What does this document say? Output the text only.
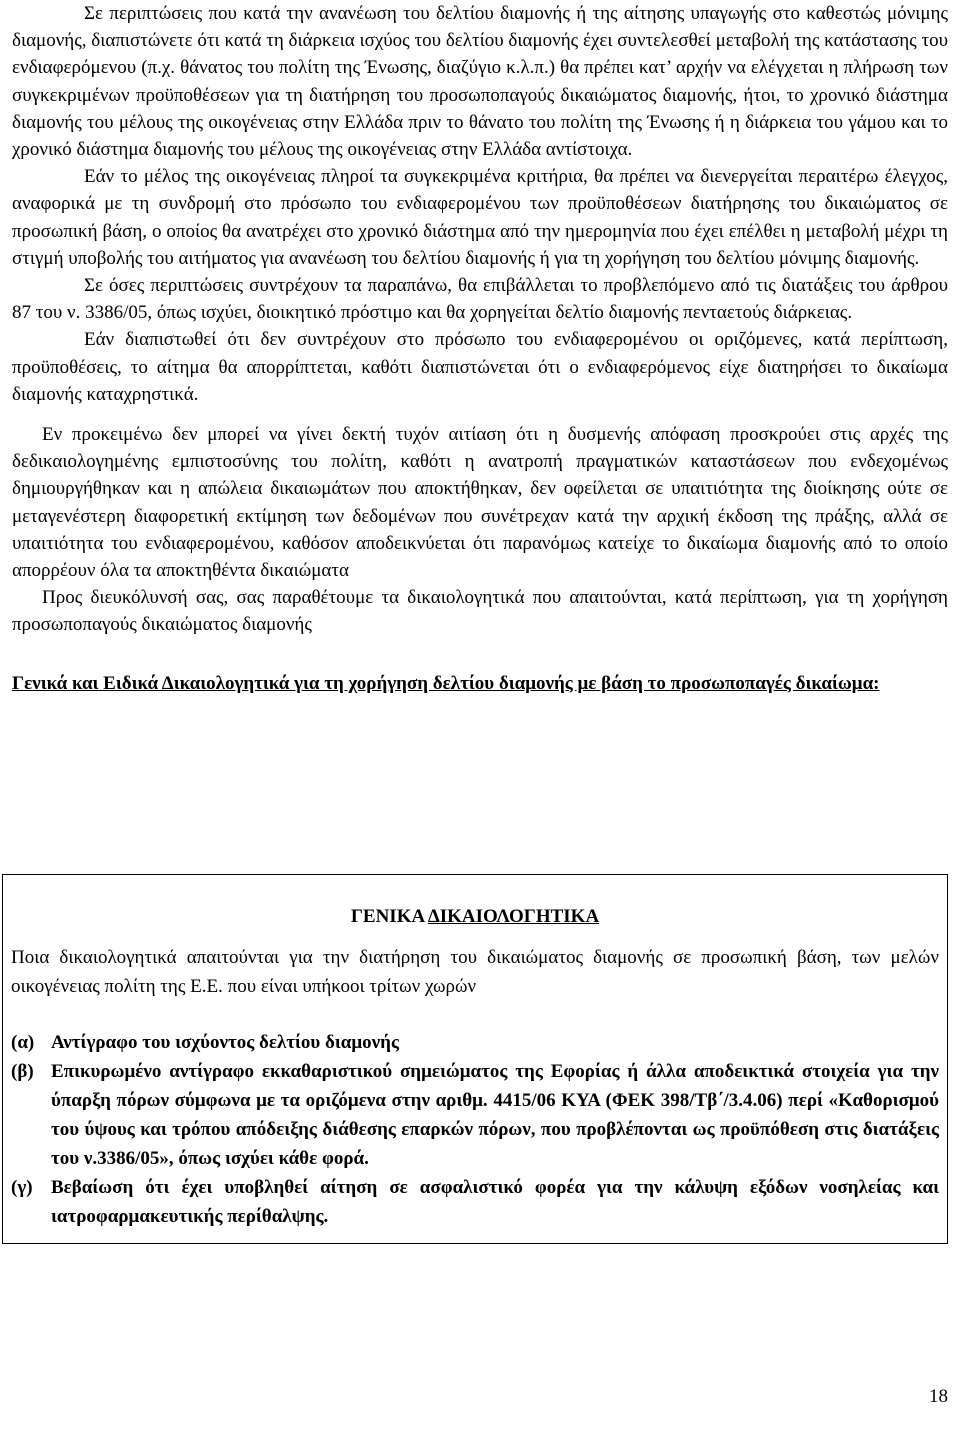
Σε περιπτώσεις που κατά την ανανέωση του δελτίου διαμονής ή της αίτησης υπαγωγής στο καθεστώς μόνιμης διαμονής, διαπιστώνετε ότι κατά τη διάρκεια ισχύος του δελτίου διαμονής έχει συντελεσθεί μεταβολή της κατάστασης του ενδιαφερόμενου (π.χ. θάνατος του πολίτη της Ένωσης, διαζύγιο κ.λ.π.) θα πρέπει κατ’ αρχήν να ελέγχεται η πλήρωση των συγκεκριμένων προϋποθέσεων για τη διατήρηση του προσωποπαγούς δικαιώματος διαμονής, ήτοι, το χρονικό διάστημα διαμονής του μέλους της οικογένειας στην Ελλάδα πριν το θάνατο του πολίτη της Ένωσης ή η διάρκεια του γάμου και το χρονικό διάστημα διαμονής του μέλους της οικογένειας στην Ελλάδα αντίστοιχα.

Εάν το μέλος της οικογένειας πληροί τα συγκεκριμένα κριτήρια, θα πρέπει να διενεργείται περαιτέρω έλεγχος, αναφορικά με τη συνδρομή στο πρόσωπο του ενδιαφερομένου των προϋποθέσεων διατήρησης του δικαιώματος σε προσωπική βάση, ο οποίος θα ανατρέχει στο χρονικό διάστημα από την ημερομηνία που έχει επέλθει η μεταβολή μέχρι τη στιγμή υποβολής του αιτήματος για ανανέωση του δελτίου διαμονής ή για τη χορήγηση του δελτίου μόνιμης διαμονής.

Σε όσες περιπτώσεις συντρέχουν τα παραπάνω, θα επιβάλλεται το προβλεπόμενο από τις διατάξεις του άρθρου 87 του ν. 3386/05, όπως ισχύει, διοικητικό πρόστιμο και θα χορηγείται δελτίο διαμονής πενταετούς διάρκειας.

Εάν διαπιστωθεί ότι δεν συντρέχουν στο πρόσωπο του ενδιαφερομένου οι οριζόμενες, κατά περίπτωση, προϋποθέσεις, το αίτημα θα απορρίπτεται, καθότι διαπιστώνεται ότι ο ενδιαφερόμενος είχε διατηρήσει το δικαίωμα διαμονής καταχρηστικά.

Εν προκειμένω δεν μπορεί να γίνει δεκτή τυχόν αιτίαση ότι η δυσμενής απόφαση προσκρούει στις αρχές της δεδικαιολογημένης εμπιστοσύνης του πολίτη, καθότι η ανατροπή πραγματικών καταστάσεων που ενδεχομένως δημιουργήθηκαν και η απώλεια δικαιωμάτων που αποκτήθηκαν, δεν οφείλεται σε υπαιτιότητα της διοίκησης ούτε σε μεταγενέστερη διαφορετική εκτίμηση των δεδομένων που συνέτρεχαν κατά την αρχική έκδοση της πράξης, αλλά σε υπαιτιότητα του ενδιαφερομένου, καθόσον αποδεικνύεται ότι παρανόμως κατείχε το δικαίωμα διαμονής από το οποίο απορρέουν όλα τα αποκτηθέντα δικαιώματα

Προς διευκόλυνσή σας, σας παραθέτουμε τα δικαιολογητικά που απαιτούνται, κατά περίπτωση, για τη χορήγηση προσωποπαγούς δικαιώματος διαμονής

Γενικά και Ειδικά Δικαιολογητικά για τη χορήγηση δελτίου διαμονής με βάση το προσωποπαγές δικαίωμα:

ΓΕΝΙΚΑ ΔΙΚΑΙΟΛΟΓΗΤΙΚΑ

Ποια δικαιολογητικά απαιτούνται για την διατήρηση του δικαιώματος διαμονής σε προσωπική βάση, των μελών οικογένειας πολίτη της Ε.Ε. που είναι υπήκοοι τρίτων χωρών

(α) Αντίγραφο του ισχύοντος δελτίου διαμονής
(β) Επικυρωμένο αντίγραφο εκκαθαριστικού σημειώματος της Εφορίας ή άλλα αποδεικτικά στοιχεία για την ύπαρξη πόρων σύμφωνα με τα οριζόμενα στην αριθμ. 4415/06 ΚΥΑ (ΦΕΚ 398/Τβ΄/3.4.06) περί «Καθορισμού του ύψους και τρόπου απόδειξης διάθεσης επαρκών πόρων, που προβλέπονται ως προϋπόθεση στις διατάξεις του ν.3386/05», όπως ισχύει κάθε φορά.
(γ) Βεβαίωση ότι έχει υποβληθεί αίτηση σε ασφαλιστικό φορέα για την κάλυψη εξόδων νοσηλείας και ιατροφαρμακευτικής περίθαλψης.
18
